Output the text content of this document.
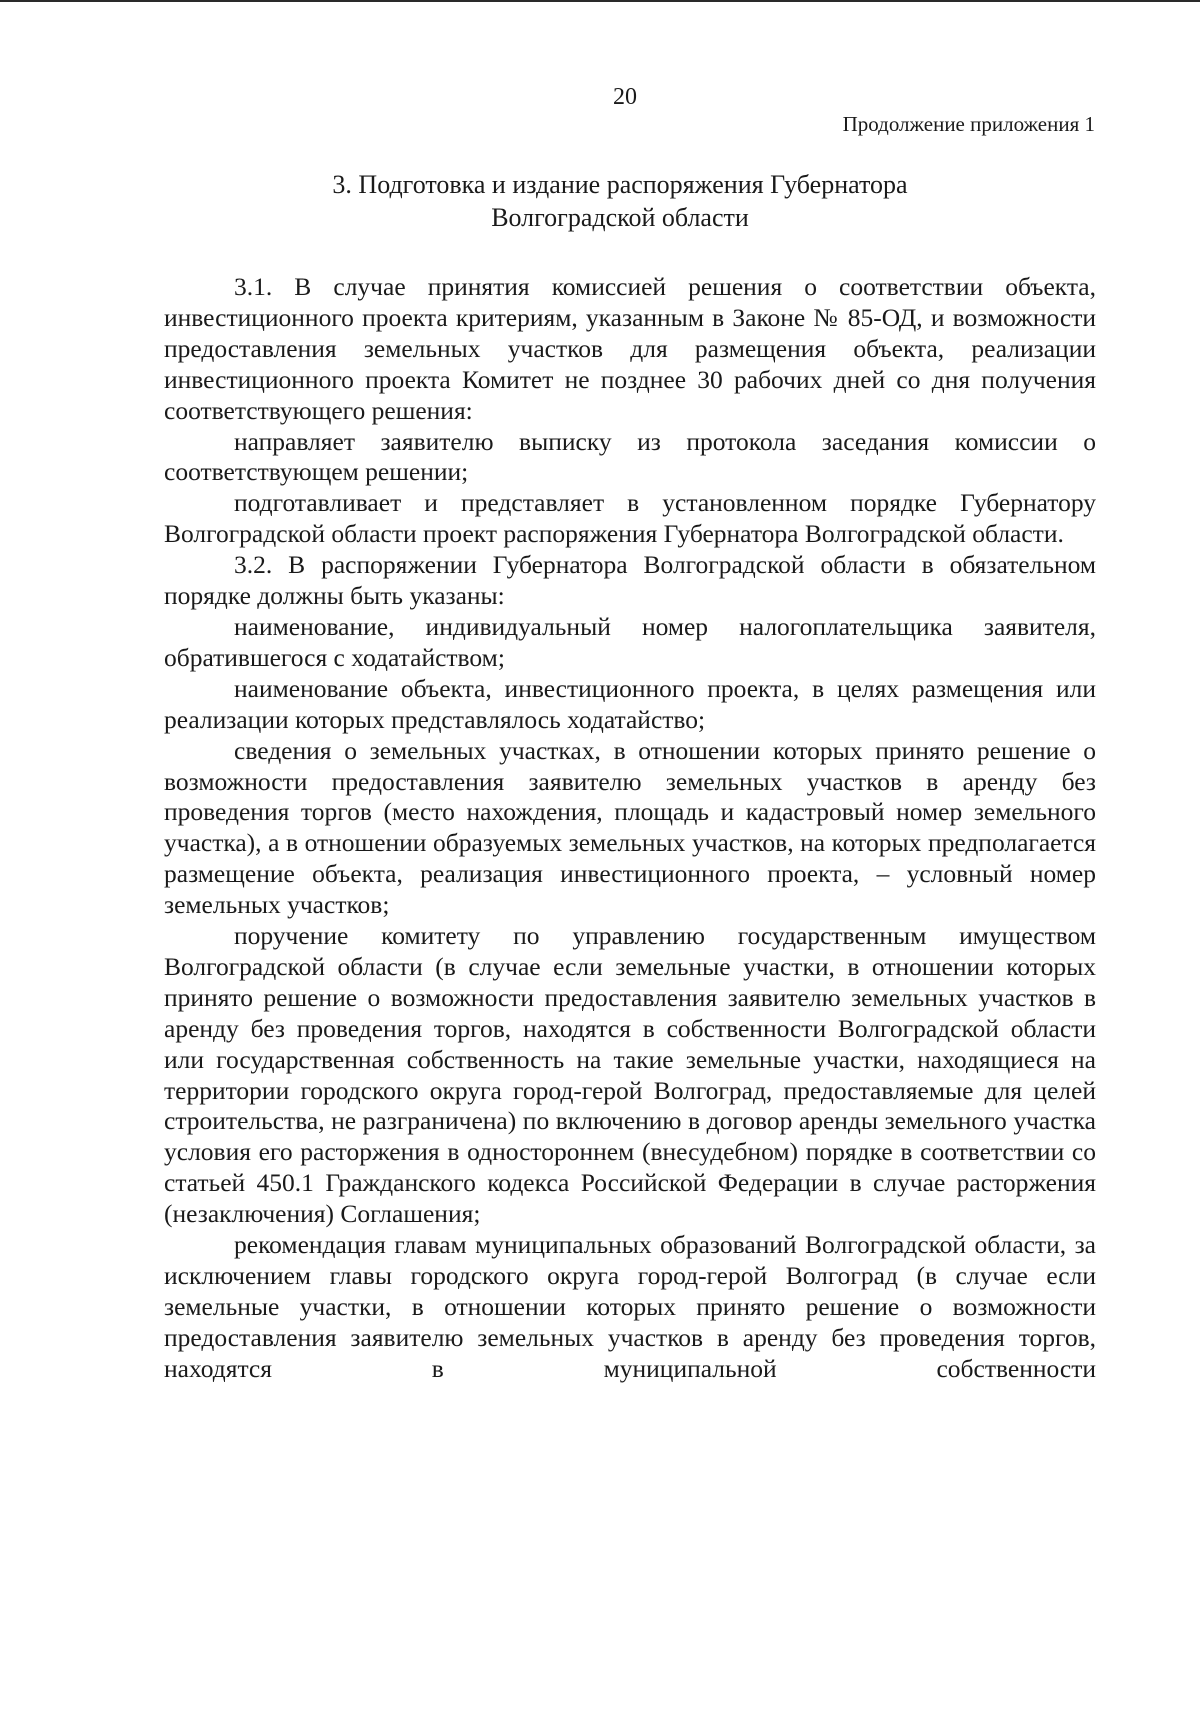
20
Продолжение приложения 1
3. Подготовка и издание распоряжения Губернатора
Волгоградской области

3.1. В случае принятия комиссией решения о соответствии объекта, инвестиционного проекта критериям, указанным в Законе № 85-ОД, и возможности предоставления земельных участков для размещения объекта, реализации инвестиционного проекта Комитет не позднее 30 рабочих дней со дня получения соответствующего решения:

направляет заявителю выписку из протокола заседания комиссии о соответствующем решении;

подготавливает и представляет в установленном порядке Губернатору Волгоградской области проект распоряжения Губернатора Волгоградской области.

3.2. В распоряжении Губернатора Волгоградской области в обязательном порядке должны быть указаны:

наименование, индивидуальный номер налогоплательщика заявителя, обратившегося с ходатайством;

наименование объекта, инвестиционного проекта, в целях размещения или реализации которых представлялось ходатайство;

сведения о земельных участках, в отношении которых принято решение о возможности предоставления заявителю земельных участков в аренду без проведения торгов (место нахождения, площадь и кадастровый номер земельного участка), а в отношении образуемых земельных участков, на которых предполагается размещение объекта, реализация инвестиционного проекта, – условный номер земельных участков;

поручение комитету по управлению государственным имуществом Волгоградской области (в случае если земельные участки, в отношении которых принято решение о возможности предоставления заявителю земельных участков в аренду без проведения торгов, находятся в собственности Волгоградской области или государственная собственность на такие земельные участки, находящиеся на территории городского округа город-герой Волгоград, предоставляемые для целей строительства, не разграничена) по включению в договор аренды земельного участка условия его расторжения в одностороннем (внесудебном) порядке в соответствии со статьей 450.1 Гражданского кодекса Российской Федерации в случае расторжения (незаключения) Соглашения;

рекомендация главам муниципальных образований Волгоградской области, за исключением главы городского округа город-герой Волгоград (в случае если земельные участки, в отношении которых принято решение о возможности предоставления заявителю земельных участков в аренду без проведения торгов, находятся в муниципальной собственности
